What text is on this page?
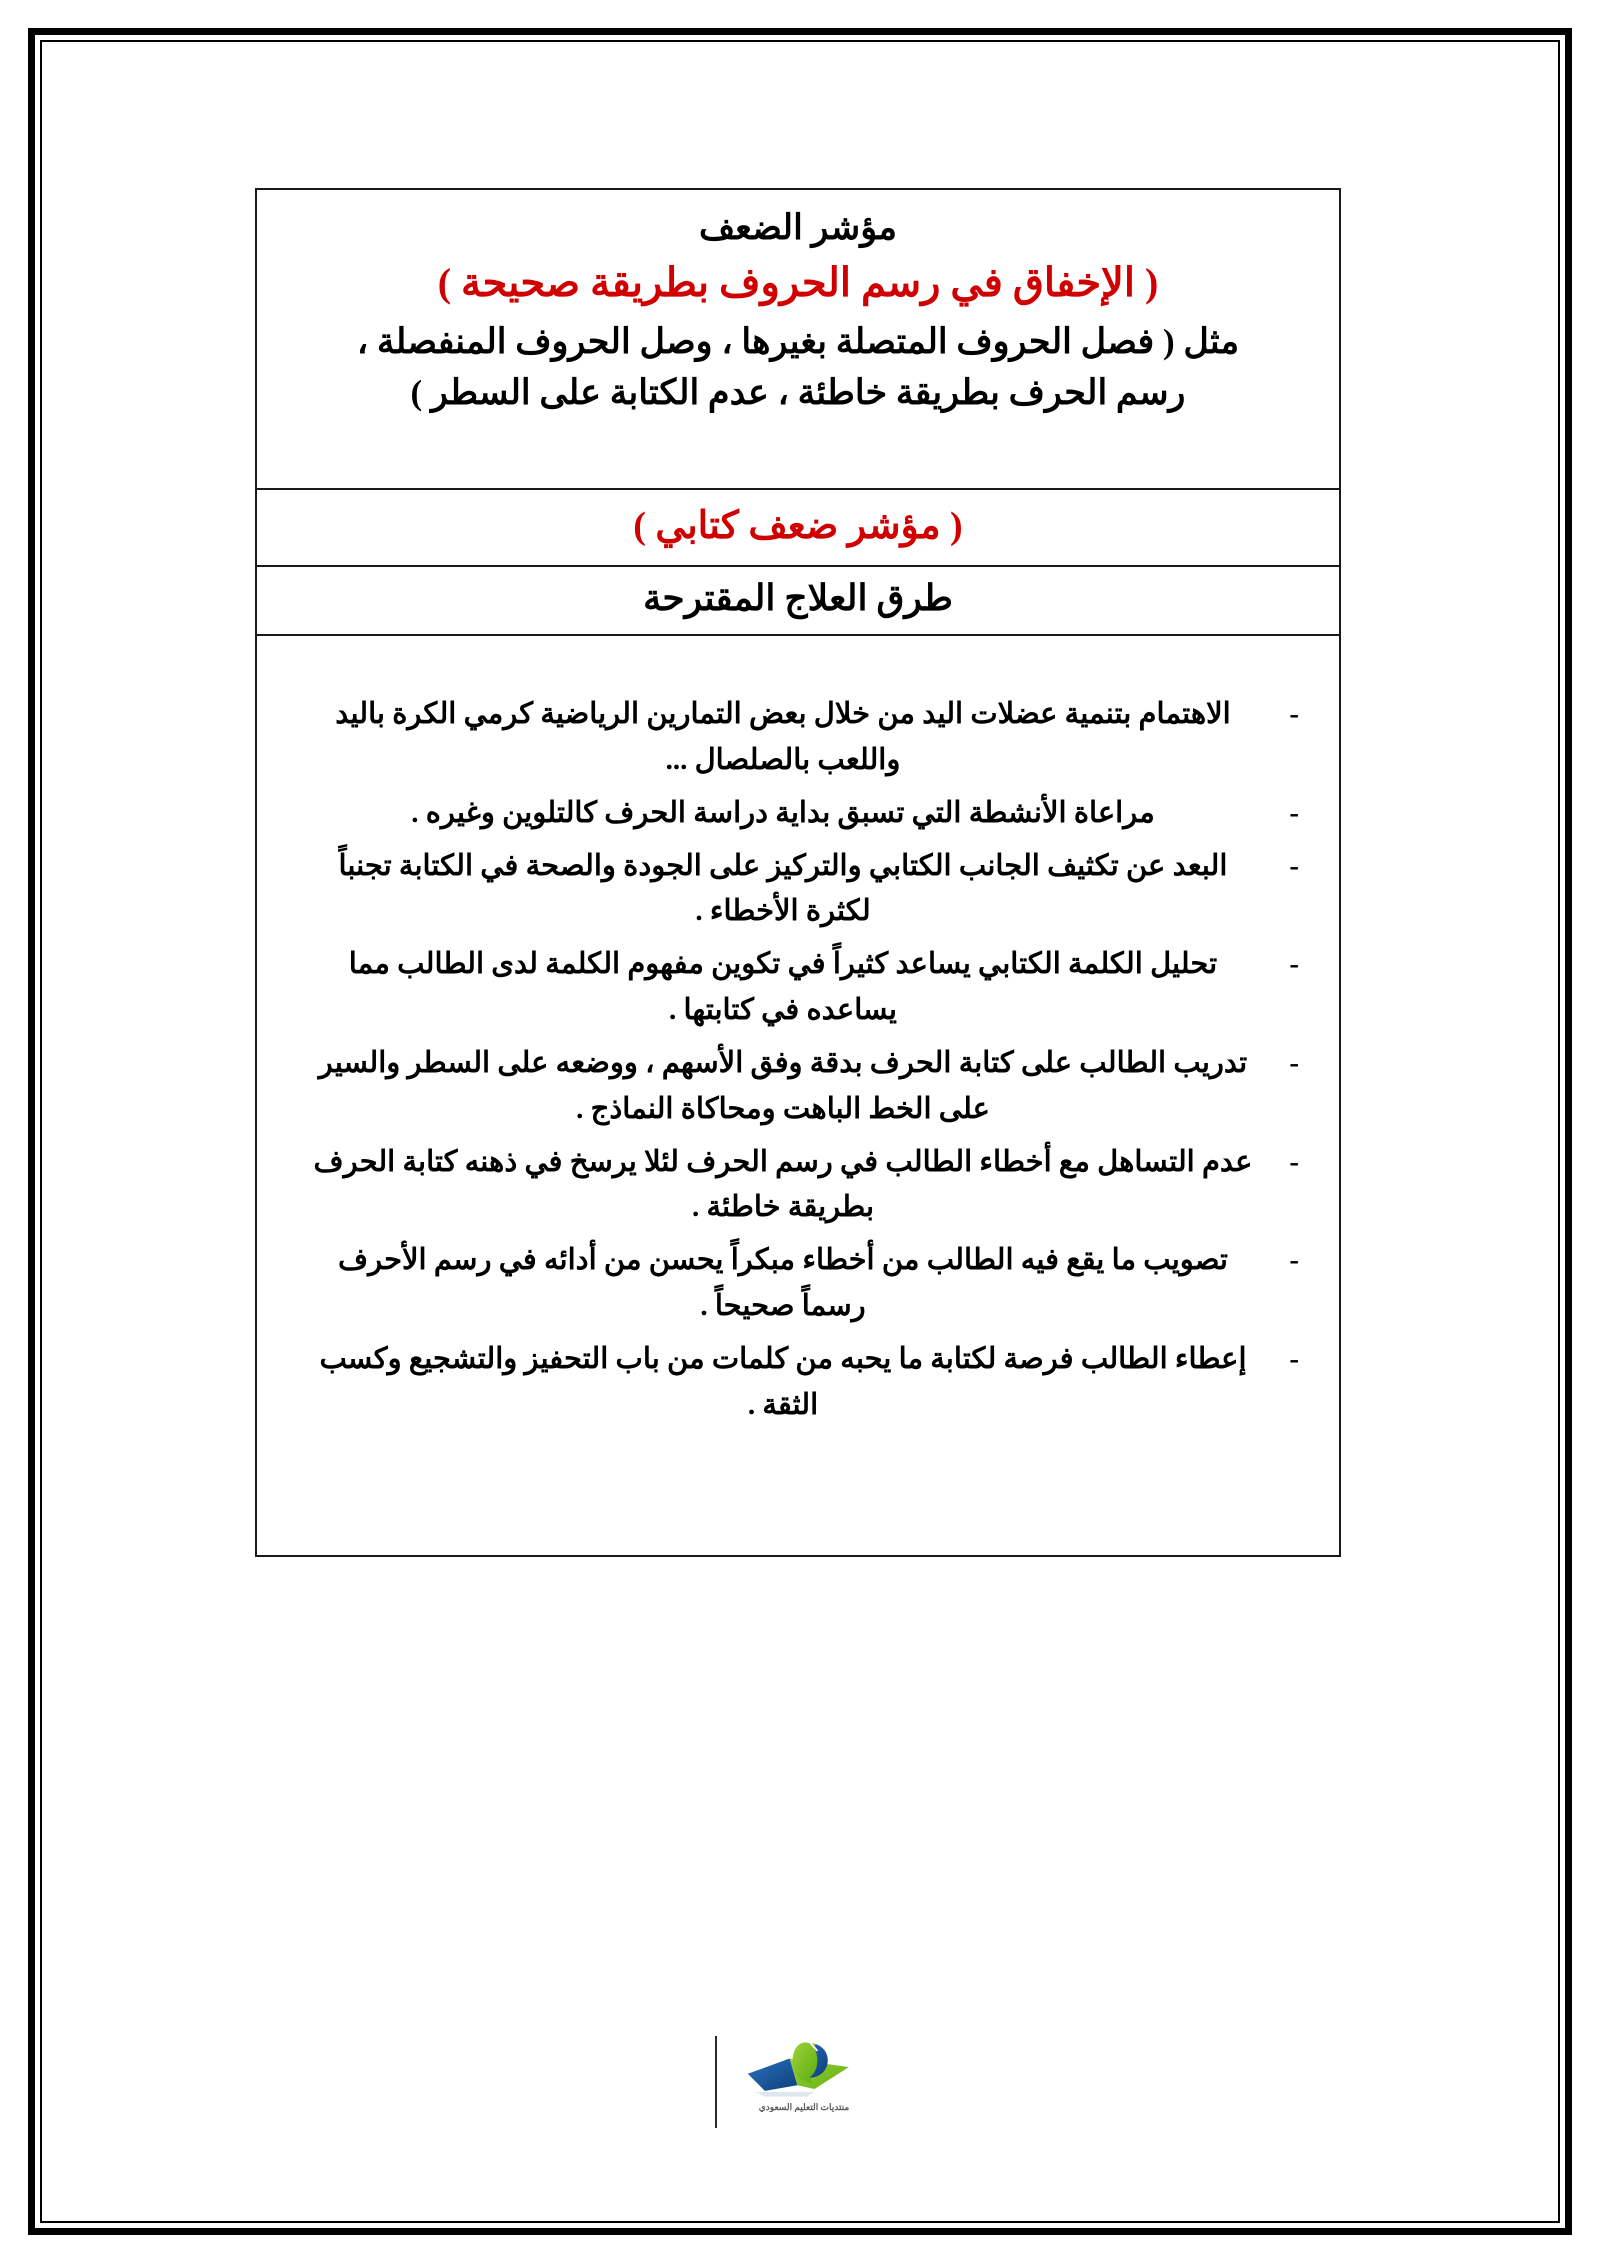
مؤشر الضعف
( الإخفاق في رسم الحروف بطريقة صحيحة )
مثل ( فصل الحروف المتصلة بغيرها ، وصل الحروف المنفصلة ،
رسم الحرف بطريقة خاطئة ، عدم الكتابة على السطر )
( مؤشر ضعف كتابي )
طرق العلاج المقترحة
-
الاهتمام بتنمية عضلات اليد من خلال بعض التمارين الرياضية كرمي الكرة باليد واللعب بالصلصال ...
-
مراعاة الأنشطة التي تسبق بداية دراسة الحرف كالتلوين وغيره .
-
البعد عن تكثيف الجانب الكتابي والتركيز على الجودة والصحة في الكتابة تجنباً لكثرة الأخطاء .
-
تحليل الكلمة الكتابي يساعد كثيراً في تكوين مفهوم الكلمة لدى الطالب مما يساعده في كتابتها .
-
تدريب الطالب على كتابة الحرف بدقة وفق الأسهم ، ووضعه على السطر والسير على الخط الباهت ومحاكاة النماذج .
-
عدم التساهل مع أخطاء الطالب في رسم الحرف لئلا يرسخ في ذهنه كتابة الحرف بطريقة خاطئة .
-
تصويب ما يقع فيه الطالب من أخطاء مبكراً يحسن من أدائه في رسم الأحرف رسماً صحيحاً .
-
إعطاء الطالب فرصة لكتابة ما يحبه من كلمات من باب التحفيز والتشجيع وكسب الثقة .
منتديات التعليم السعودي
